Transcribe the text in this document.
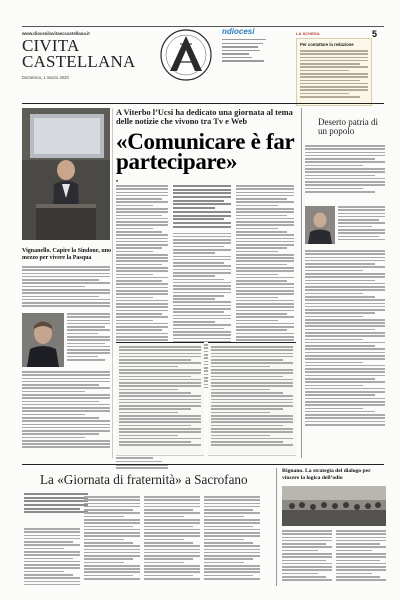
www.diocesilavitaeccastellana.it
CIVITA
CASTELLANA
Domenica, 1 marzo 2020
ndiocesi	LA SCHEDA	5
Per contattare la redazione
A Viterbo l’Ucsi ha dedicato una giornata al tema delle notizie che vivono tra Tv e Web
«Comunicare è far partecipare»
■
Vignanello. Capire la Sindone, uno mezzo per vivere la Pasqua
Deserto patria di un popolo
La «Giornata di fraternità» a Sacrofano
Rignano. La strategia del dialogo per vincere la logica dell’odio
